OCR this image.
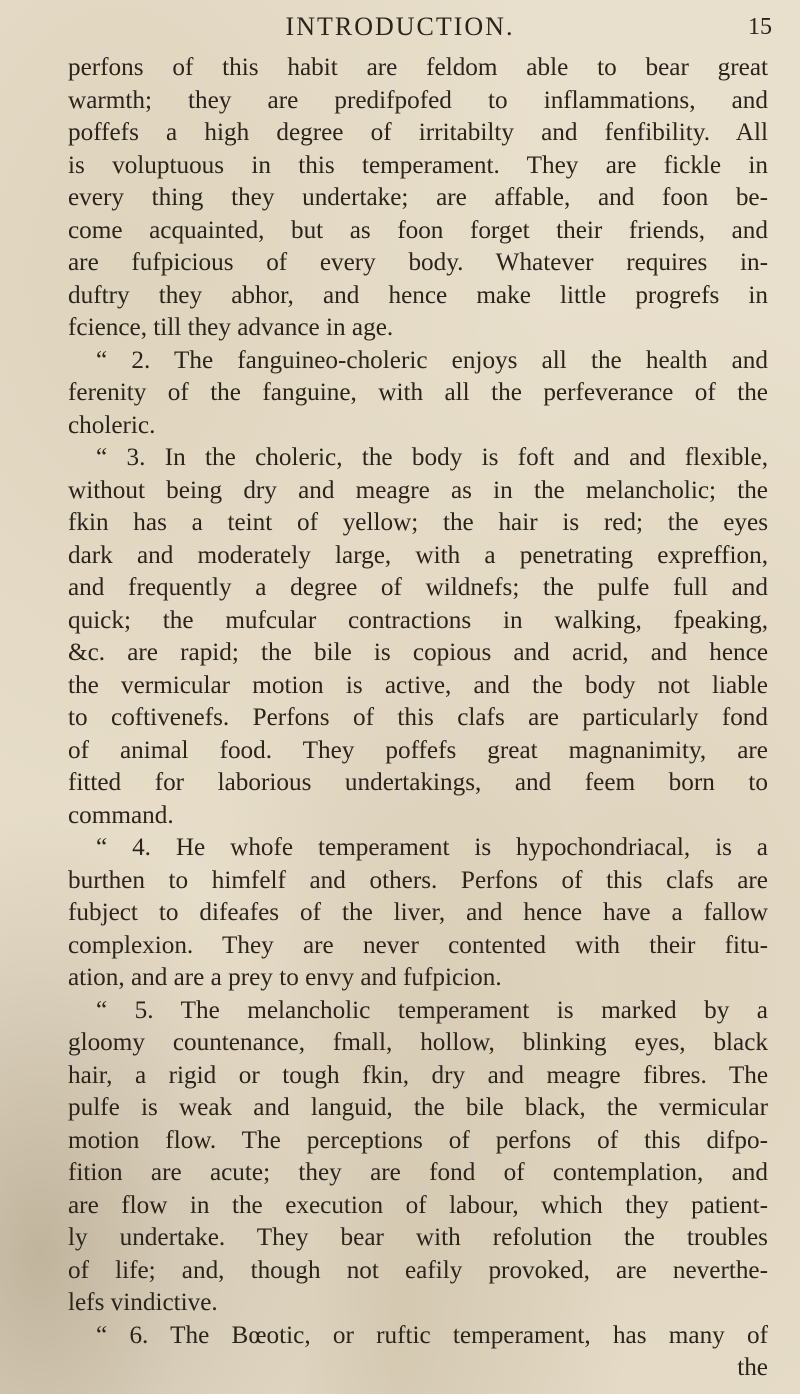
INTRODUCTION.	15
perfons of this habit are feldom able to bear great
warmth; they are predifpofed to inflammations, and
poffefs a high degree of irritabilty and fenfibility. All
is voluptuous in this temperament. They are fickle in
every thing they undertake; are affable, and foon be-
come acquainted, but as foon forget their friends, and
are fufpicious of every body. Whatever requires in-
duftry they abhor, and hence make little progrefs in
fcience, till they advance in age.
“ 2. The fanguineo-choleric enjoys all the health and
ferenity of the fanguine, with all the perfeverance of the
choleric.
“ 3. In the choleric, the body is foft and and flexible,
without being dry and meagre as in the melancholic; the
fkin has a teint of yellow; the hair is red; the eyes
dark and moderately large, with a penetrating expreffion,
and frequently a degree of wildnefs; the pulfe full and
quick; the mufcular contractions in walking, fpeaking,
&c. are rapid; the bile is copious and acrid, and hence
the vermicular motion is active, and the body not liable
to coftivenefs. Perfons of this clafs are particularly fond
of animal food. They poffefs great magnanimity, are
fitted for laborious undertakings, and feem born to
command.
“ 4. He whofe temperament is hypochondriacal, is a
burthen to himfelf and others. Perfons of this clafs are
fubject to difeafes of the liver, and hence have a fallow
complexion. They are never contented with their fitu-
ation, and are a prey to envy and fufpicion.
“ 5. The melancholic temperament is marked by a
gloomy countenance, fmall, hollow, blinking eyes, black
hair, a rigid or tough fkin, dry and meagre fibres. The
pulfe is weak and languid, the bile black, the vermicular
motion flow. The perceptions of perfons of this difpo-
fition are acute; they are fond of contemplation, and
are flow in the execution of labour, which they patient-
ly undertake. They bear with refolution the troubles
of life; and, though not eafily provoked, are neverthe-
lefs vindictive.
“ 6. The Bœotic, or ruftic temperament, has many of
the
